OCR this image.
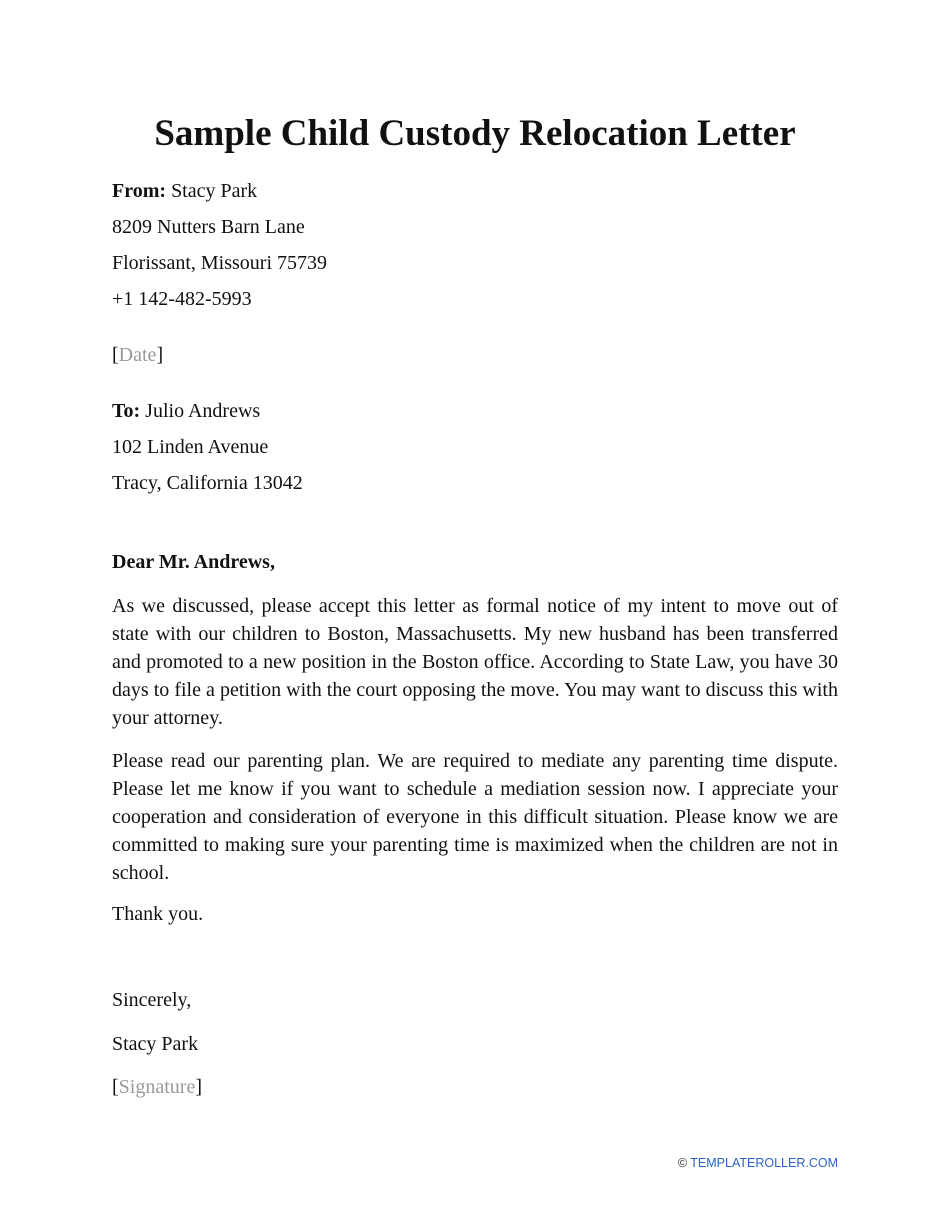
Sample Child Custody Relocation Letter

From: Stacy Park

8209 Nutters Barn Lane

Florissant, Missouri 75739

+1 142-482-5993

[Date]

To: Julio Andrews

102 Linden Avenue

Tracy, California 13042

Dear Mr. Andrews,

As we discussed, please accept this letter as formal notice of my intent to move out of state with our children to Boston, Massachusetts. My new husband has been transferred and promoted to a new position in the Boston office. According to State Law, you have 30 days to file a petition with the court opposing the move. You may want to discuss this with your attorney.

Please read our parenting plan. We are required to mediate any parenting time dispute. Please let me know if you want to schedule a mediation session now. I appreciate your cooperation and consideration of everyone in this difficult situation. Please know we are committed to making sure your parenting time is maximized when the children are not in school.

Thank you.

Sincerely,

Stacy Park

[Signature]

© TEMPLATEROLLER.COM
